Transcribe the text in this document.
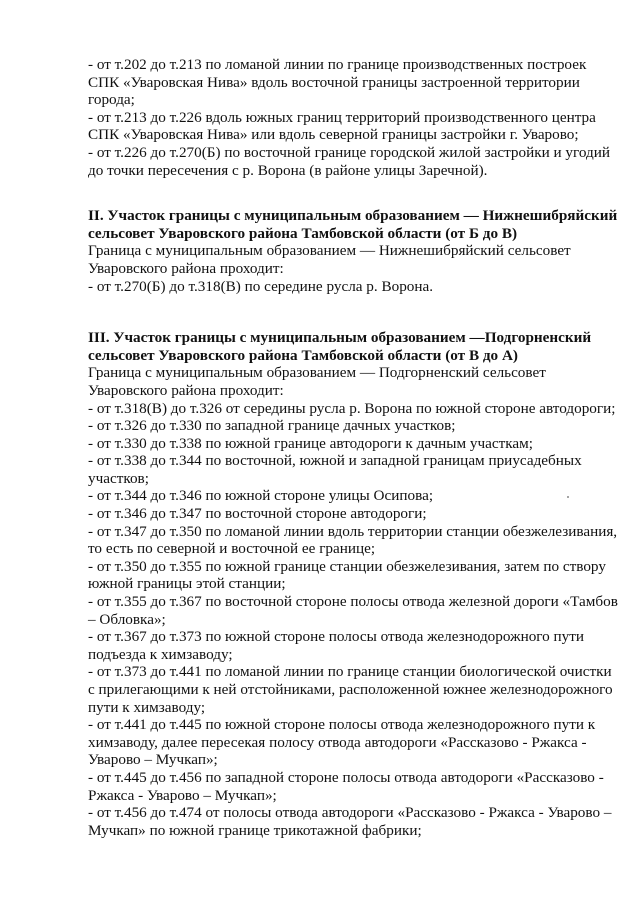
- от т.202 до т.213 по ломаной линии по границе производственных построек СПК «Уваровская Нива» вдоль восточной границы застроенной территории города;

- от т.213 до т.226 вдоль южных границ территорий производственного центра СПК «Уваровская Нива» или вдоль северной границы застройки г. Уварово;

- от т.226 до т.270(Б) по восточной границе городской жилой застройки и угодий до точки пересечения с р. Ворона (в районе улицы Заречной).

II. Участок границы с муниципальным образованием — Нижнешибряйский сельсовет Уваровского района Тамбовской области (от Б до В)

Граница с муниципальным образованием — Нижнешибряйский сельсовет Уваровского района проходит:

- от т.270(Б) до т.318(В) по середине русла р. Ворона.

III. Участок границы с муниципальным образованием —Подгорненский сельсовет Уваровского района Тамбовской области (от В до А)

Граница с муниципальным образованием — Подгорненский сельсовет Уваровского района проходит:

- от т.318(В) до т.326 от середины русла р. Ворона по южной стороне автодороги;

- от т.326 до т.330 по западной границе дачных участков;

- от т.330 до т.338 по южной границе автодороги к дачным участкам;

- от т.338 до т.344 по восточной, южной и западной границам приусадебных участков;

- от т.344 до т.346 по южной стороне улицы Осипова;

- от т.346 до т.347 по восточной стороне автодороги;

- от т.347 до т.350 по ломаной линии вдоль территории станции обезжелезивания, то есть по северной и восточной ее границе;

- от т.350 до т.355 по южной границе станции обезжелезивания, затем по створу южной границы этой станции;

- от т.355 до т.367 по восточной стороне полосы отвода железной дороги «Тамбов – Обловка»;

- от т.367 до т.373 по южной стороне полосы отвода железнодорожного пути подъезда к химзаводу;

- от т.373 до т.441 по ломаной линии по границе станции биологической очистки с прилегающими к ней отстойниками, расположенной южнее железнодорожного пути к химзаводу;

- от т.441 до т.445 по южной стороне полосы отвода железнодорожного пути к химзаводу, далее пересекая полосу отвода автодороги «Рассказово - Ржакса - Уварово – Мучкап»;

- от т.445 до т.456 по западной стороне полосы отвода автодороги «Рассказово - Ржакса - Уварово – Мучкап»;

- от т.456 до т.474 от полосы отвода автодороги «Рассказово - Ржакса - Уварово – Мучкап» по южной границе трикотажной фабрики;
